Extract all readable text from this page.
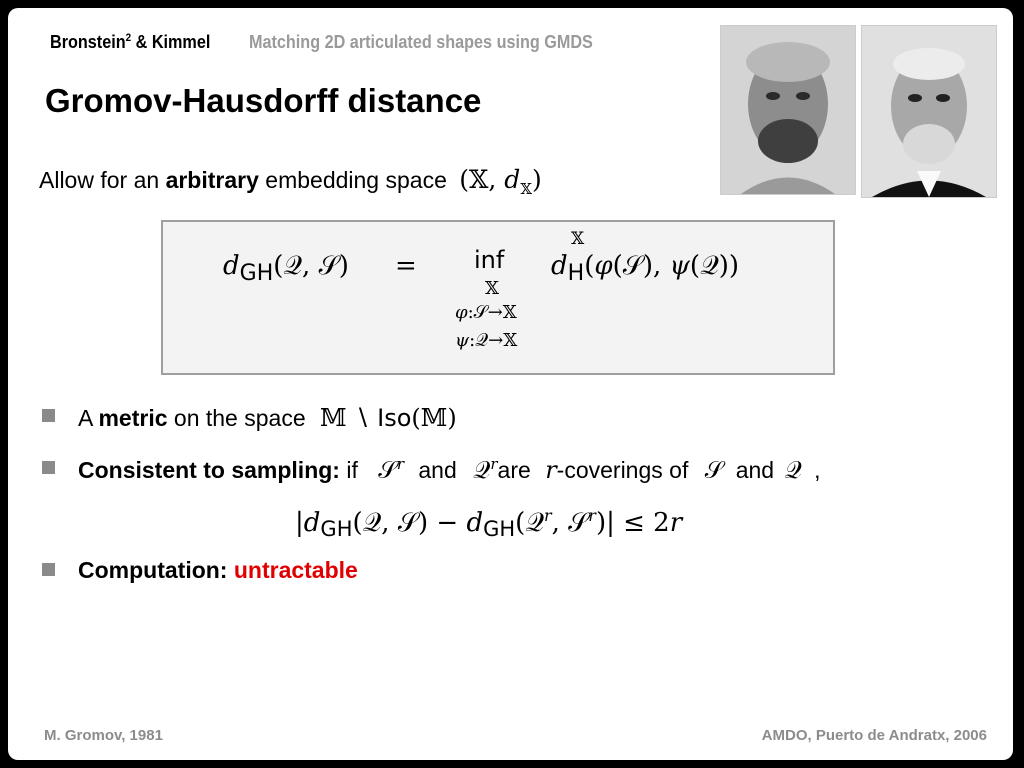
Bronstein$^2$ & Kimmel Matching 2D articulated shapes using GMDS
Gromov-Hausdorff distance
Allow for an arbitrary embedding space (𝕏, $d_𝕏$)
$d_{GH}(𝒬$, 𝒮) = inf
𝕏
φ:𝒮→𝕏
ψ:𝒬→𝕏
𝕏
$d_H(\varphi(𝒮)$, ψ(𝒬))
A metric on the space 𝕄 ∖ Iso(𝕄)
Consistent to sampling: if 𝒮$^r$ and 𝒬$^r$are r-coverings of 𝒮 and 𝒬 ,
|dGH(𝒬, 𝒮) − dGH(𝒬$^r$, 𝒮$^r$)| ≤ 2r
Computation: untractable
M. Gromov, 1981	AMDO, Puerto de Andratx, 2006
